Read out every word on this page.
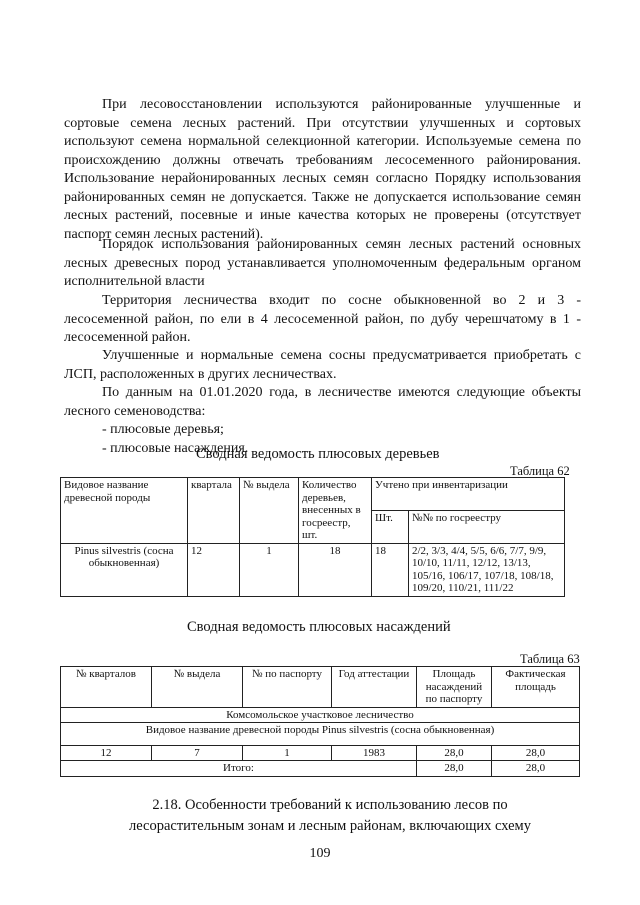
При лесовосстановлении используются районированные улучшенные и сортовые семена лесных растений. При отсутствии улучшенных и сортовых используют семена нормальной селекционной категории. Используемые семена по происхождению должны отвечать требованиям лесосеменного районирования. Использование нерайонированных лесных семян согласно Порядку использования районированных семян не допускается. Также не допускается использование семян лесных растений, посевные и иные качества которых не проверены (отсутствует паспорт семян лесных растений).

Порядок использования районированных семян лесных растений основных лесных древесных пород устанавливается уполномоченным федеральным органом исполнительной власти

Территория лесничества входит по сосне обыкновенной во 2 и 3 - лесосеменной район, по ели в 4 лесосеменной район, по дубу черешчатому в 1 - лесосеменной район.

Улучшенные и нормальные семена сосны предусматривается приобретать с ЛСП, расположенных в других лесничествах.

По данным на 01.01.2020 года, в лесничестве имеются следующие объекты лесного семеноводства:

- плюсовые деревья;
- плюсовые насаждения.
Сводная ведомость плюсовых деревьев
Таблица 62
Видовое название древесной породы	квартала	№ выдела	Количество деревьев, внесенных в госреестр, шт.	Учтено при инвентаризации	
				Шт.	№№ по госреестру
Pinus silvestris (сосна обыкновенная)	12	1	18	18	2/2, 3/3, 4/4, 5/5, 6/6, 7/7, 9/9, 10/10, 11/11, 12/12, 13/13, 105/16, 106/17, 107/18, 108/18, 109/20, 110/21, 111/22
Сводная ведомость плюсовых насаждений
Таблица 63
№ кварталов	№ выдела	№ по паспорту	Год аттестации	Площадь насаждений по паспорту	Фактическая площадь
Комсомольское участковое лесничество					
Видовое название древесной породы Pinus silvestris (сосна обыкновенная)					
12	7	1	1983	28,0	28,0
Итого:				28,0	28,0

2.18. Особенности требований к использованию лесов по лесорастительным зонам и лесным районам, включающих схему

109
